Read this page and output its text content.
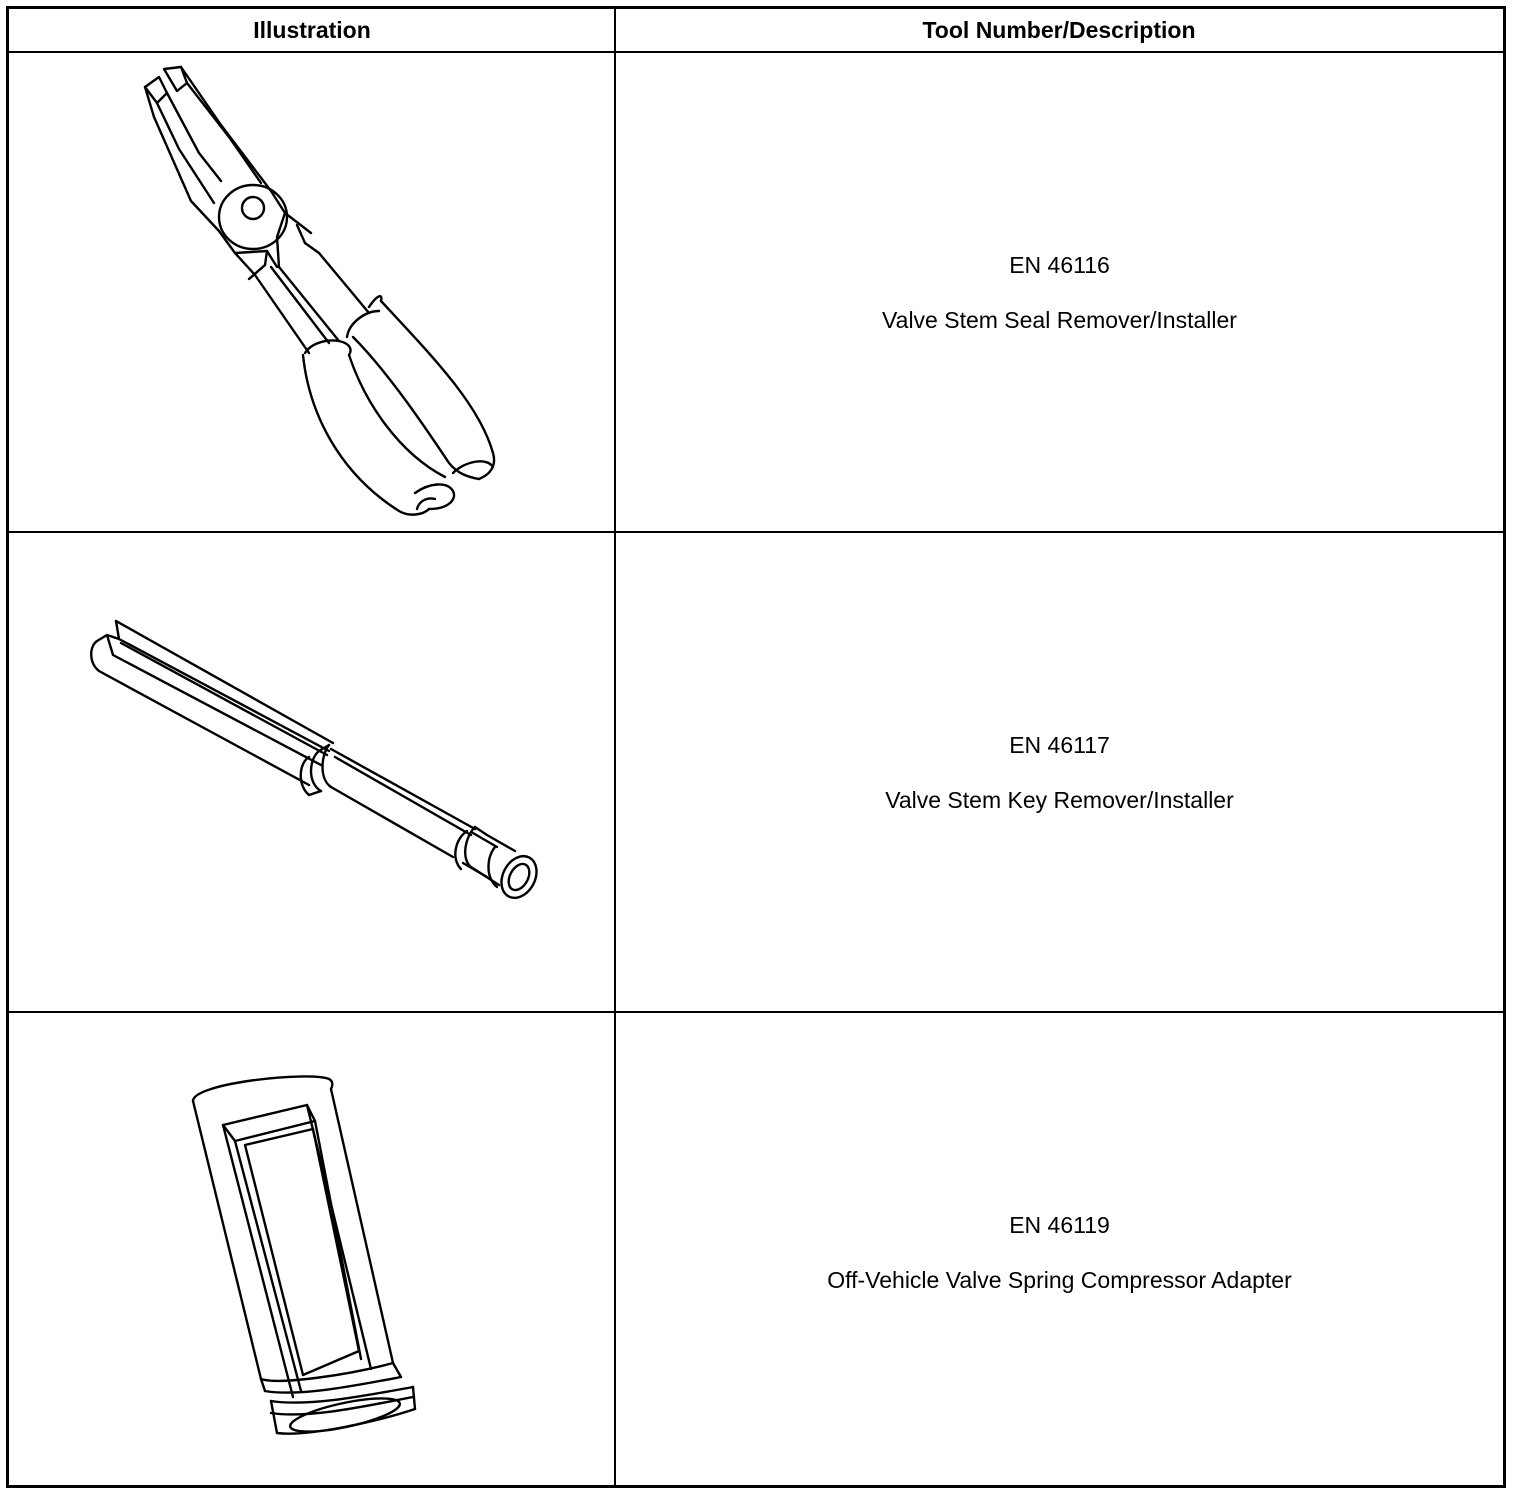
Illustration	Tool Number/Description
EN 46116
Valve Stem Seal Remover/Installer
EN 46117
Valve Stem Key Remover/Installer
EN 46119
Off-Vehicle Valve Spring Compressor Adapter
